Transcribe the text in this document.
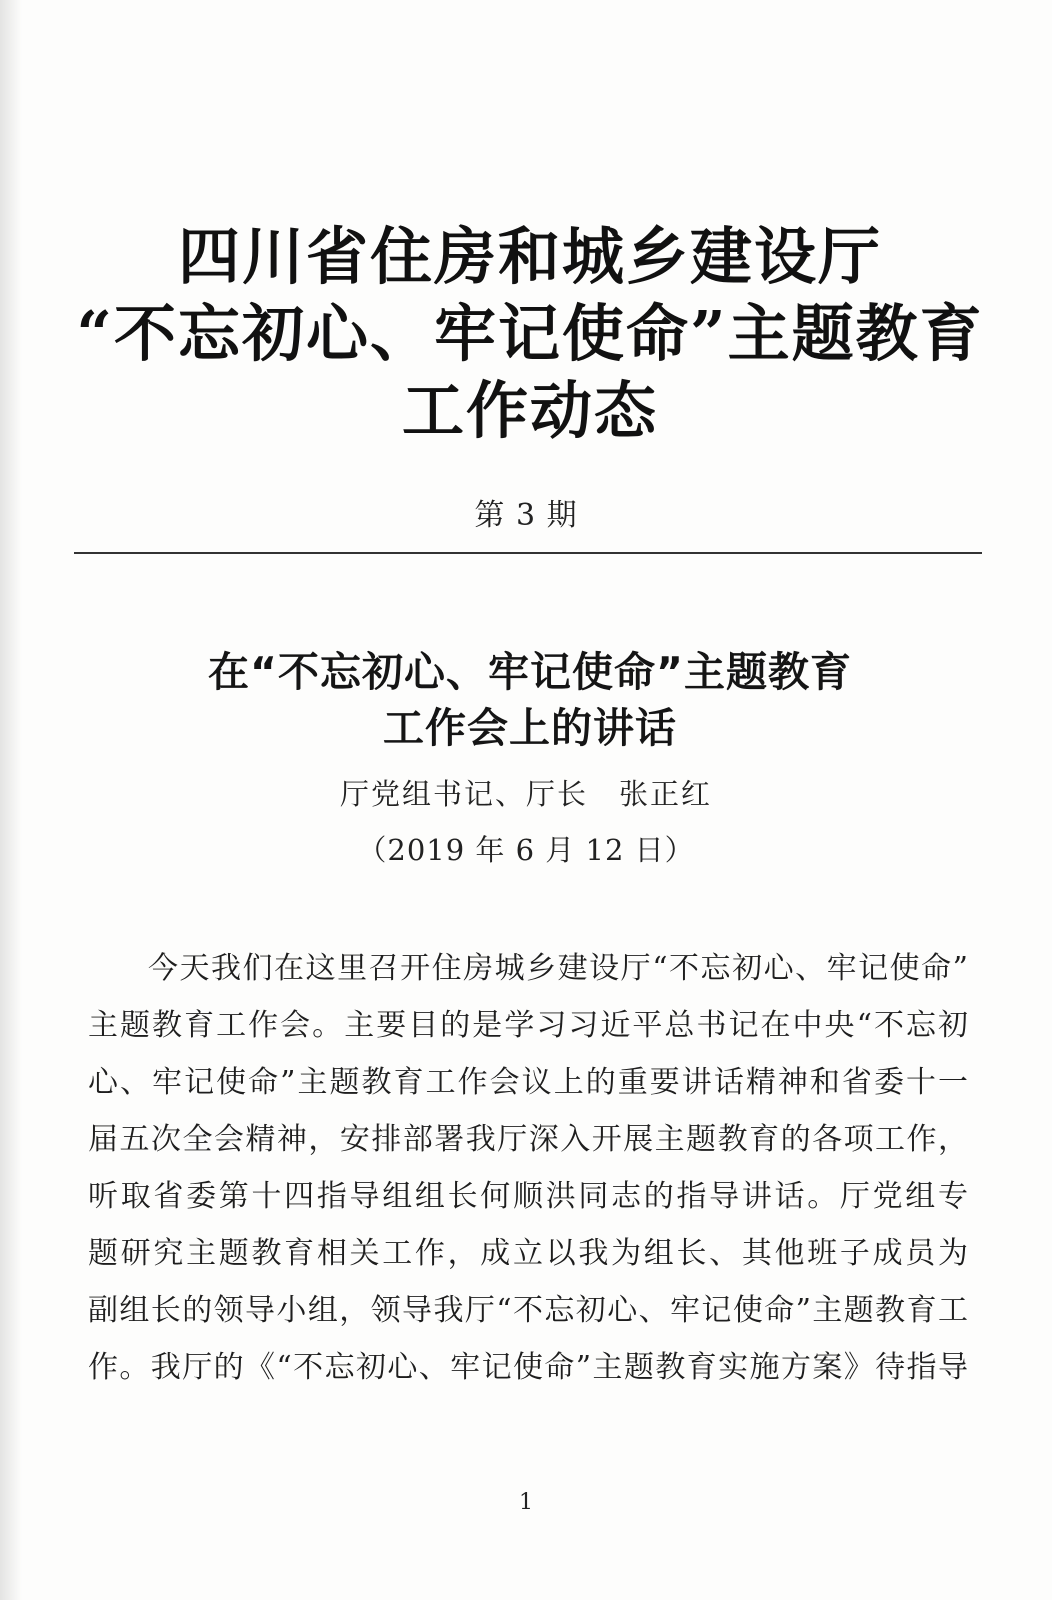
四川省住房和城乡建设厅
“不忘初心、牢记使命”主题教育
工作动态
第 3 期
在“不忘初心、牢记使命”主题教育
工作会上的讲话
厅党组书记、厅长　张正红
（2019 年 6 月 12 日）
今天我们在这里召开住房城乡建设厅“不忘初心、牢记使命”
主题教育工作会。主要目的是学习习近平总书记在中央“不忘初
心、牢记使命”主题教育工作会议上的重要讲话精神和省委十一
届五次全会精神，安排部署我厅深入开展主题教育的各项工作，
听取省委第十四指导组组长何顺洪同志的指导讲话。厅党组专
题研究主题教育相关工作，成立以我为组长、其他班子成员为
副组长的领导小组，领导我厅“不忘初心、牢记使命”主题教育工
作。我厅的《“不忘初心、牢记使命”主题教育实施方案》待指导
1
